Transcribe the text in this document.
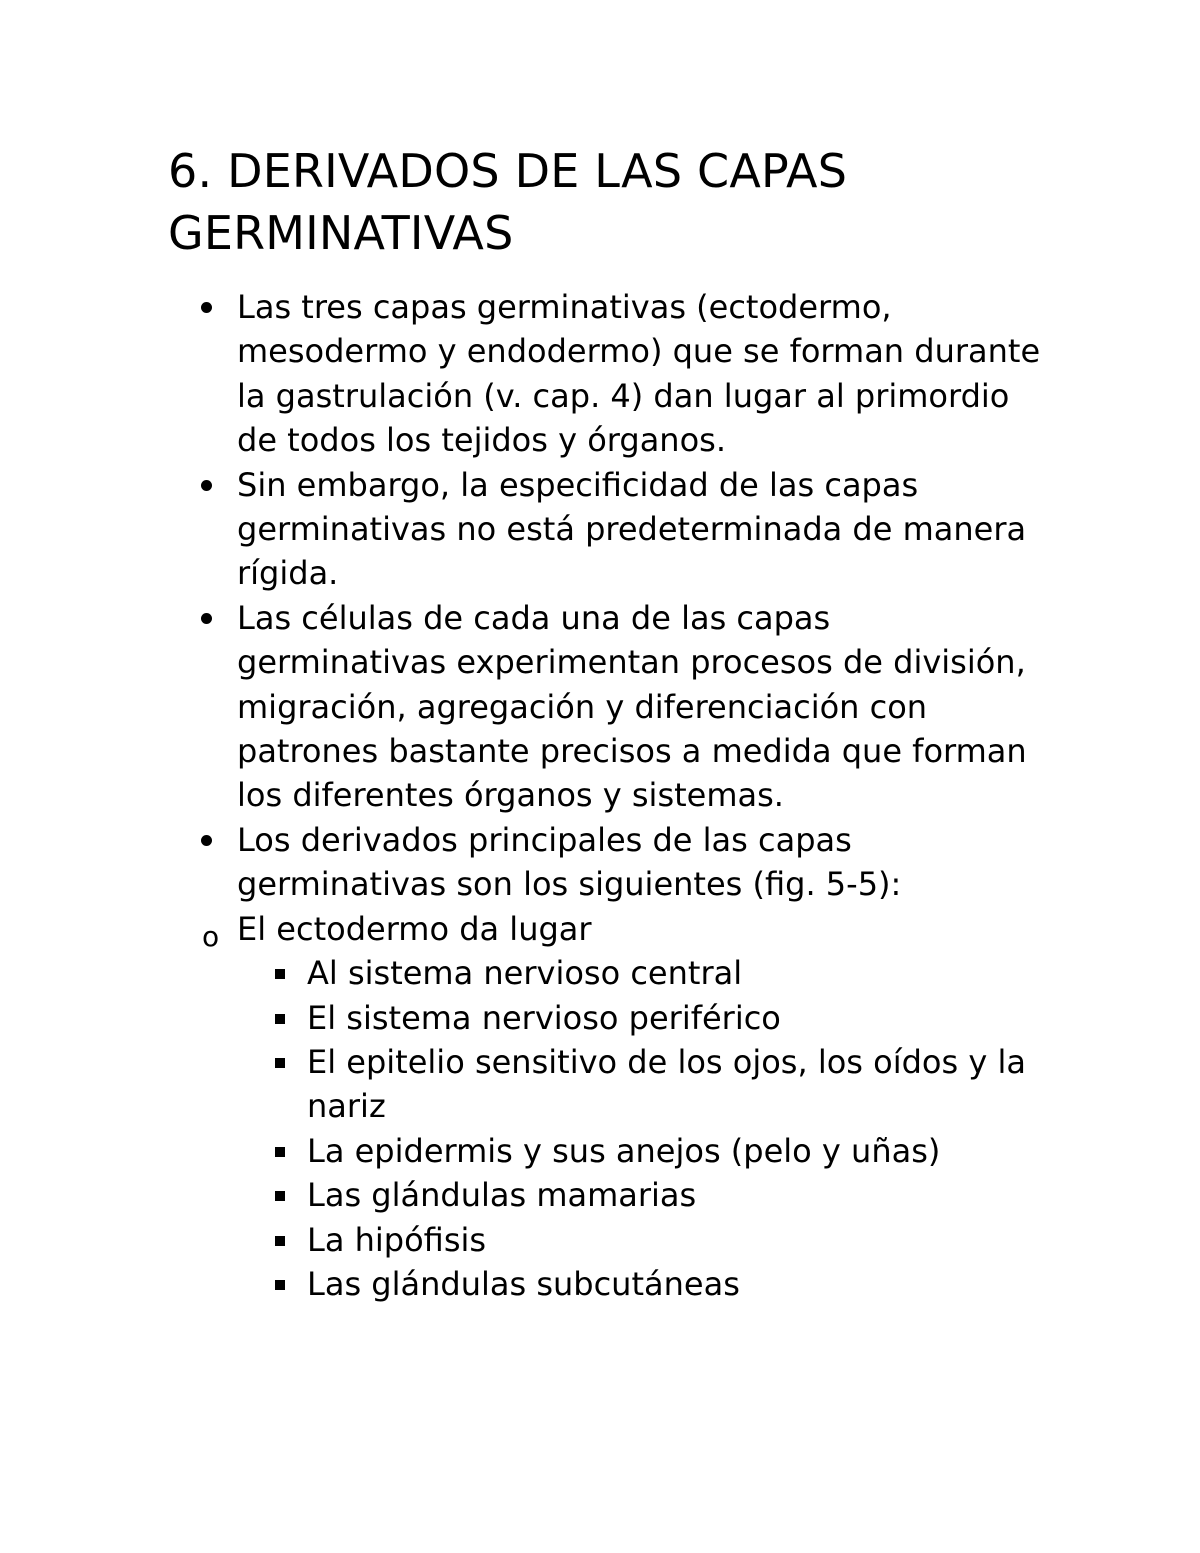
6. DERIVADOS DE LAS CAPAS
GERMINATIVAS
Las tres capas germinativas (ectodermo, mesodermo y endodermo) que se forman durante la gastrulación (v. cap. 4) dan lugar al primordio de todos los tejidos y órganos.
Sin embargo, la especificidad de las capas germinativas no está predeterminada de manera rígida.
Las células de cada una de las capas germinativas experimentan procesos de división, migración, agregación y diferenciación con patrones bastante precisos a medida que forman los diferentes órganos y sistemas.
Los derivados principales de las capas germinativas son los siguientes (fig. 5-5):
o El ectodermo da lugar
Al sistema nervioso central
El sistema nervioso periférico
El epitelio sensitivo de los ojos, los oídos y la nariz
La epidermis y sus anejos (pelo y uñas)
Las glándulas mamarias
La hipófisis
Las glándulas subcutáneas
